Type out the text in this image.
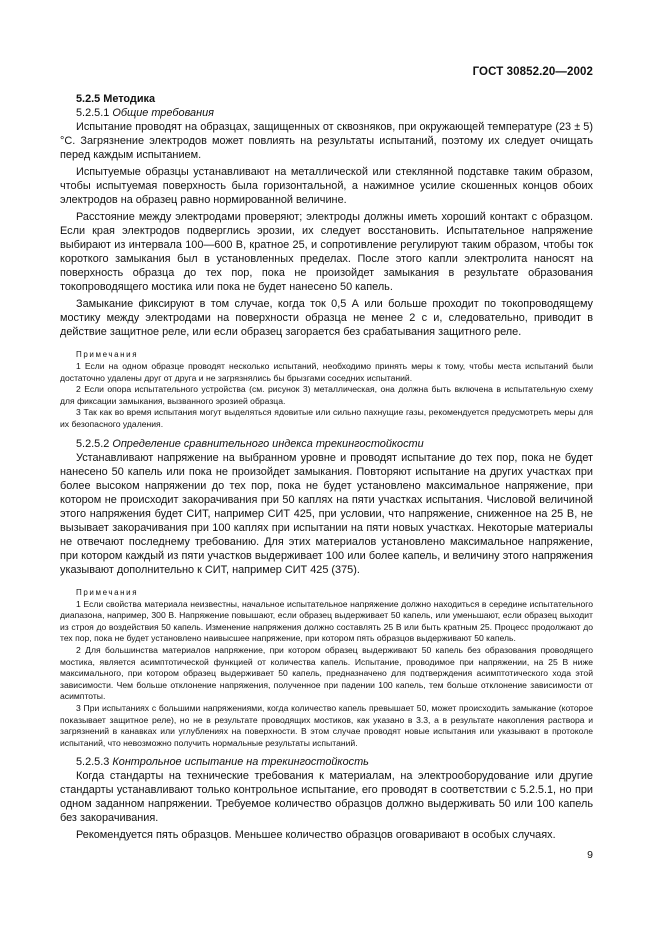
ГОСТ 30852.20—2002

5.2.5 Методика

5.2.5.1 Общие требования

Испытание проводят на образцах, защищенных от сквозняков, при окружающей температуре (23 ± 5) °С. Загрязнение электродов может повлиять на результаты испытаний, поэтому их следует очищать перед каждым испытанием.

Испытуемые образцы устанавливают на металлической или стеклянной подставке таким образом, чтобы испытуемая поверхность была горизонтальной, а нажимное усилие скошенных концов обоих электродов на образец равно нормированной величине.

Расстояние между электродами проверяют; электроды должны иметь хороший контакт с образцом. Если края электродов подверглись эрозии, их следует восстановить. Испытательное напряжение выбирают из интервала 100—600 В, кратное 25, и сопротивление регулируют таким образом, чтобы ток короткого замыкания был в установленных пределах. После этого капли электролита наносят на поверхность образца до тех пор, пока не произойдет замыкания в результате образования токопроводящего мостика или пока не будет нанесено 50 капель.

Замыкание фиксируют в том случае, когда ток 0,5 А или больше проходит по токопроводящему мостику между электродами на поверхности образца не менее 2 с и, следовательно, приводит в действие защитное реле, или если образец загорается без срабатывания защитного реле.

Примечания

1 Если на одном образце проводят несколько испытаний, необходимо принять меры к тому, чтобы места испытаний были достаточно удалены друг от друга и не загрязнялись бы брызгами соседних испытаний.

2 Если опора испытательного устройства (см. рисунок 3) металлическая, она должна быть включена в испытательную схему для фиксации замыкания, вызванного эрозией образца.

3 Так как во время испытания могут выделяться ядовитые или сильно пахнущие газы, рекомендуется предусмотреть меры для их безопасного удаления.

5.2.5.2 Определение сравнительного индекса трекингостойкости

Устанавливают напряжение на выбранном уровне и проводят испытание до тех пор, пока не будет нанесено 50 капель или пока не произойдет замыкания. Повторяют испытание на других участках при более высоком напряжении до тех пор, пока не будет установлено максимальное напряжение, при котором не происходит закорачивания при 50 каплях на пяти участках испытания. Числовой величиной этого напряжения будет СИТ, например СИТ 425, при условии, что напряжение, сниженное на 25 В, не вызывает закорачивания при 100 каплях при испытании на пяти новых участках. Некоторые материалы не отвечают последнему требованию. Для этих материалов установлено максимальное напряжение, при котором каждый из пяти участков выдерживает 100 или более капель, и величину этого напряжения указывают дополнительно к СИТ, например СИТ 425 (375).

Примечания

1 Если свойства материала неизвестны, начальное испытательное напряжение должно находиться в середине испытательного диапазона, например, 300 В. Напряжение повышают, если образец выдерживает 50 капель, или уменьшают, если образец выходит из строя до воздействия 50 капель. Изменение напряжения должно составлять 25 В или быть кратным 25. Процесс продолжают до тех пор, пока не будет установлено наивысшее напряжение, при котором пять образцов выдерживают 50 капель.

2 Для большинства материалов напряжение, при котором образец выдерживают 50 капель без образования проводящего мостика, является асимптотической функцией от количества капель. Испытание, проводимое при напряжении, на 25 В ниже максимального, при котором образец выдерживает 50 капель, предназначено для подтверждения асимптотического хода этой зависимости. Чем больше отклонение напряжения, полученное при падении 100 капель, тем больше отклонение зависимости от асимптоты.

3 При испытаниях с большими напряжениями, когда количество капель превышает 50, может происходить замыкание (которое показывает защитное реле), но не в результате проводящих мостиков, как указано в 3.3, а в результате накопления раствора и загрязнений в канавках или углублениях на поверхности. В этом случае проводят новые испытания или указывают в протоколе испытаний, что невозможно получить нормальные результаты испытаний.

5.2.5.3 Контрольное испытание на трекингостойкость

Когда стандарты на технические требования к материалам, на электрооборудование или другие стандарты устанавливают только контрольное испытание, его проводят в соответствии с 5.2.5.1, но при одном заданном напряжении. Требуемое количество образцов должно выдерживать 50 или 100 капель без закорачивания.

Рекомендуется пять образцов. Меньшее количество образцов оговаривают в особых случаях.

9
